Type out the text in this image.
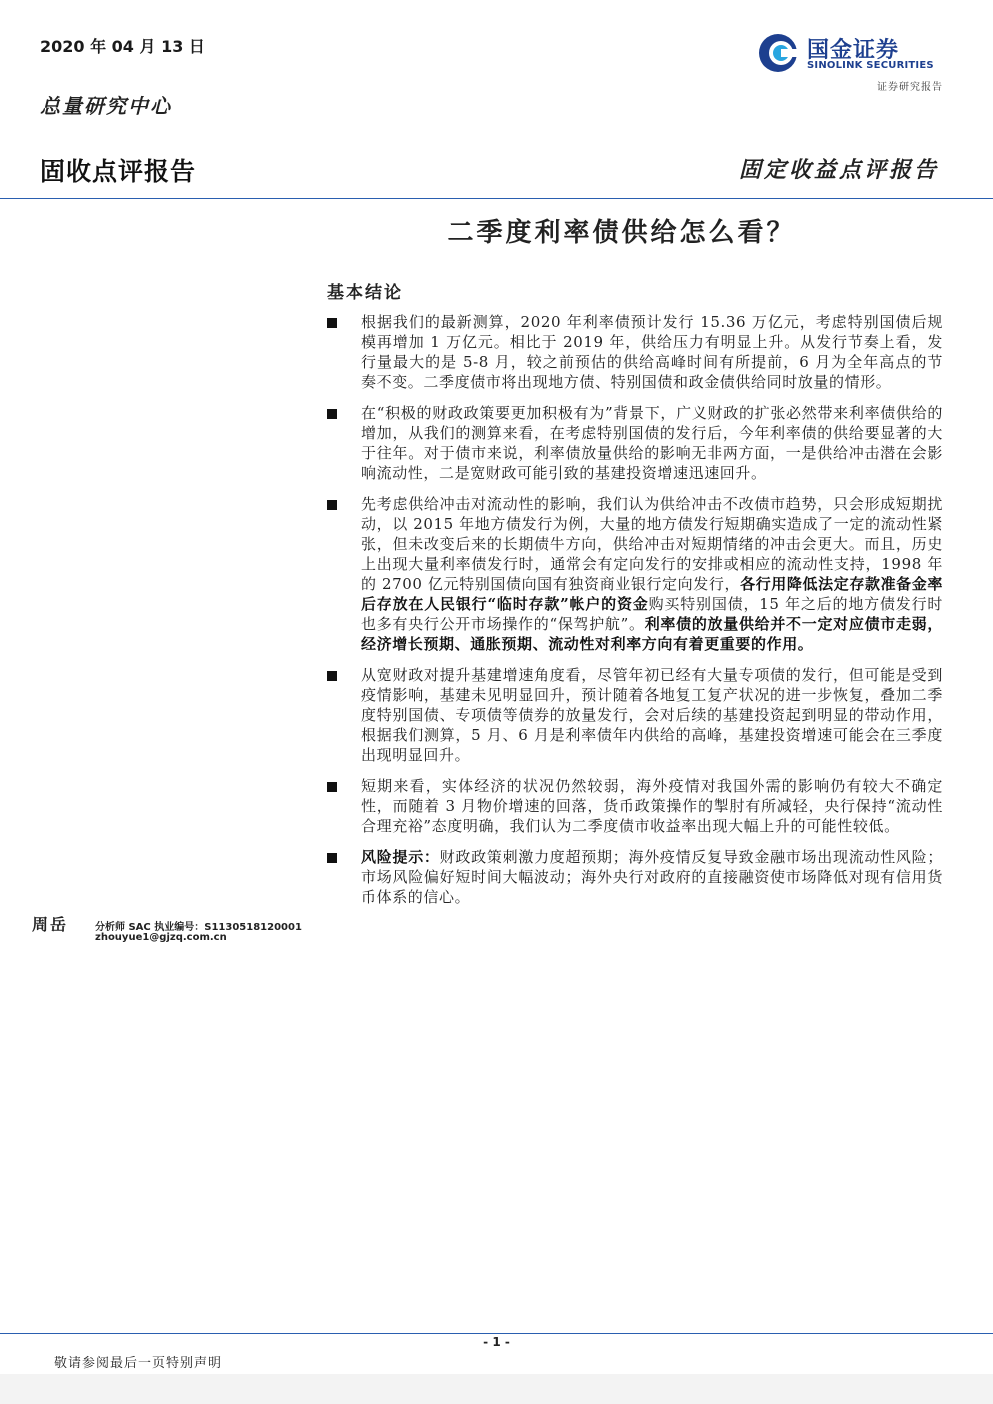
2020 年 04 月 13 日
总量研究中心
固收点评报告	固定收益点评报告
国金证券
SINOLINK SECURITIES
证券研究报告
二季度利率债供给怎么看？
基本结论
根据我们的最新测算，2020 年利率债预计发行 15.36 万亿元，考虑特别国债后规模再增加 1 万亿元。相比于 2019 年，供给压力有明显上升。从发行节奏上看，发行量最大的是 5-8 月，较之前预估的供给高峰时间有所提前，6 月为全年高点的节奏不变。二季度债市将出现地方债、特别国债和政金债供给同时放量的情形。
在“积极的财政政策要更加积极有为”背景下，广义财政的扩张必然带来利率债供给的增加，从我们的测算来看，在考虑特别国债的发行后，今年利率债的供给要显著的大于往年。对于债市来说，利率债放量供给的影响无非两方面，一是供给冲击潜在会影响流动性，二是宽财政可能引致的基建投资增速迅速回升。
先考虑供给冲击对流动性的影响，我们认为供给冲击不改债市趋势，只会形成短期扰动，以 2015 年地方债发行为例，大量的地方债发行短期确实造成了一定的流动性紧张，但未改变后来的长期债牛方向，供给冲击对短期情绪的冲击会更大。而且，历史上出现大量利率债发行时，通常会有定向发行的安排或相应的流动性支持，1998 年的 2700 亿元特别国债向国有独资商业银行定向发行，各行用降低法定存款准备金率后存放在人民银行“临时存款”帐户的资金购买特别国债，15 年之后的地方债发行时也多有央行公开市场操作的“保驾护航”。利率债的放量供给并不一定对应债市走弱，经济增长预期、通胀预期、流动性对利率方向有着更重要的作用。
从宽财政对提升基建增速角度看，尽管年初已经有大量专项债的发行，但可能是受到疫情影响，基建未见明显回升，预计随着各地复工复产状况的进一步恢复，叠加二季度特别国债、专项债等债券的放量发行，会对后续的基建投资起到明显的带动作用，根据我们测算，5 月、6 月是利率债年内供给的高峰，基建投资增速可能会在三季度出现明显回升。
短期来看，实体经济的状况仍然较弱，海外疫情对我国外需的影响仍有较大不确定性，而随着 3 月物价增速的回落，货币政策操作的掣肘有所减轻，央行保持“流动性合理充裕”态度明确，我们认为二季度债市收益率出现大幅上升的可能性较低。
风险提示：财政政策刺激力度超预期；海外疫情反复导致金融市场出现流动性风险；市场风险偏好短时间大幅波动；海外央行对政府的直接融资使市场降低对现有信用货币体系的信心。
周岳	分析师 SAC 执业编号：S1130518120001
zhouyue1@gjzq.com.cn
- 1 -
敬请参阅最后一页特别声明
